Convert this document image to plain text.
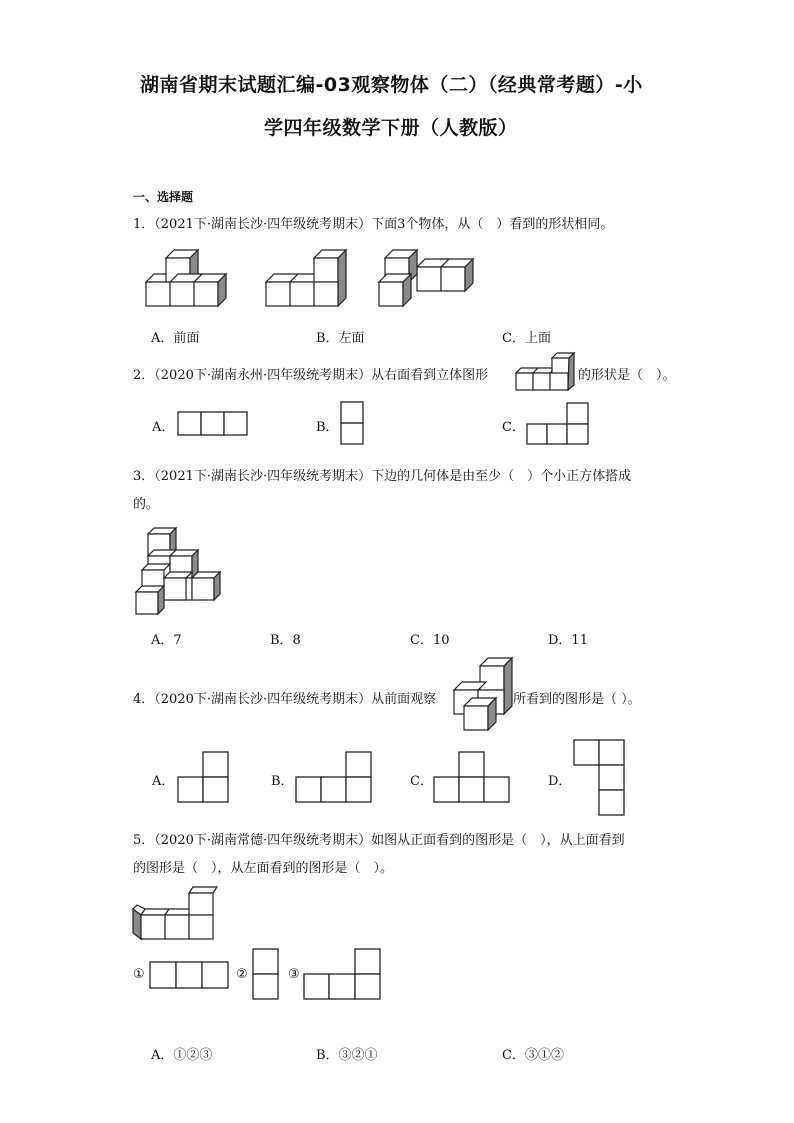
湖南省期末试题汇编-03观察物体（二）（经典常考题）-小
学四年级数学下册（人教版）
一、选择题
1．（2021下·湖南长沙·四年级统考期末）下面3个物体，从（　）看到的形状相同。
A．前面	B．左面	C．上面
2．（2020下·湖南永州·四年级统考期末）从右面看到立体图形	的形状是（　）。
A．	B．	C．
3．（2021下·湖南长沙·四年级统考期末）下边的几何体是由至少（　）个小正方体搭成
的。
A．7	B．8	C．10	D．11
4．（2020下·湖南长沙·四年级统考期末）从前面观察	所看到的图形是（ ）。
A．	B．	C．	D．
5．（2020下·湖南常德·四年级统考期末）如图从正面看到的图形是（　），从上面看到
的图形是（　），从左面看到的图形是（　）。
①	②	③
A．①②③	B．③②①	C．③①②
